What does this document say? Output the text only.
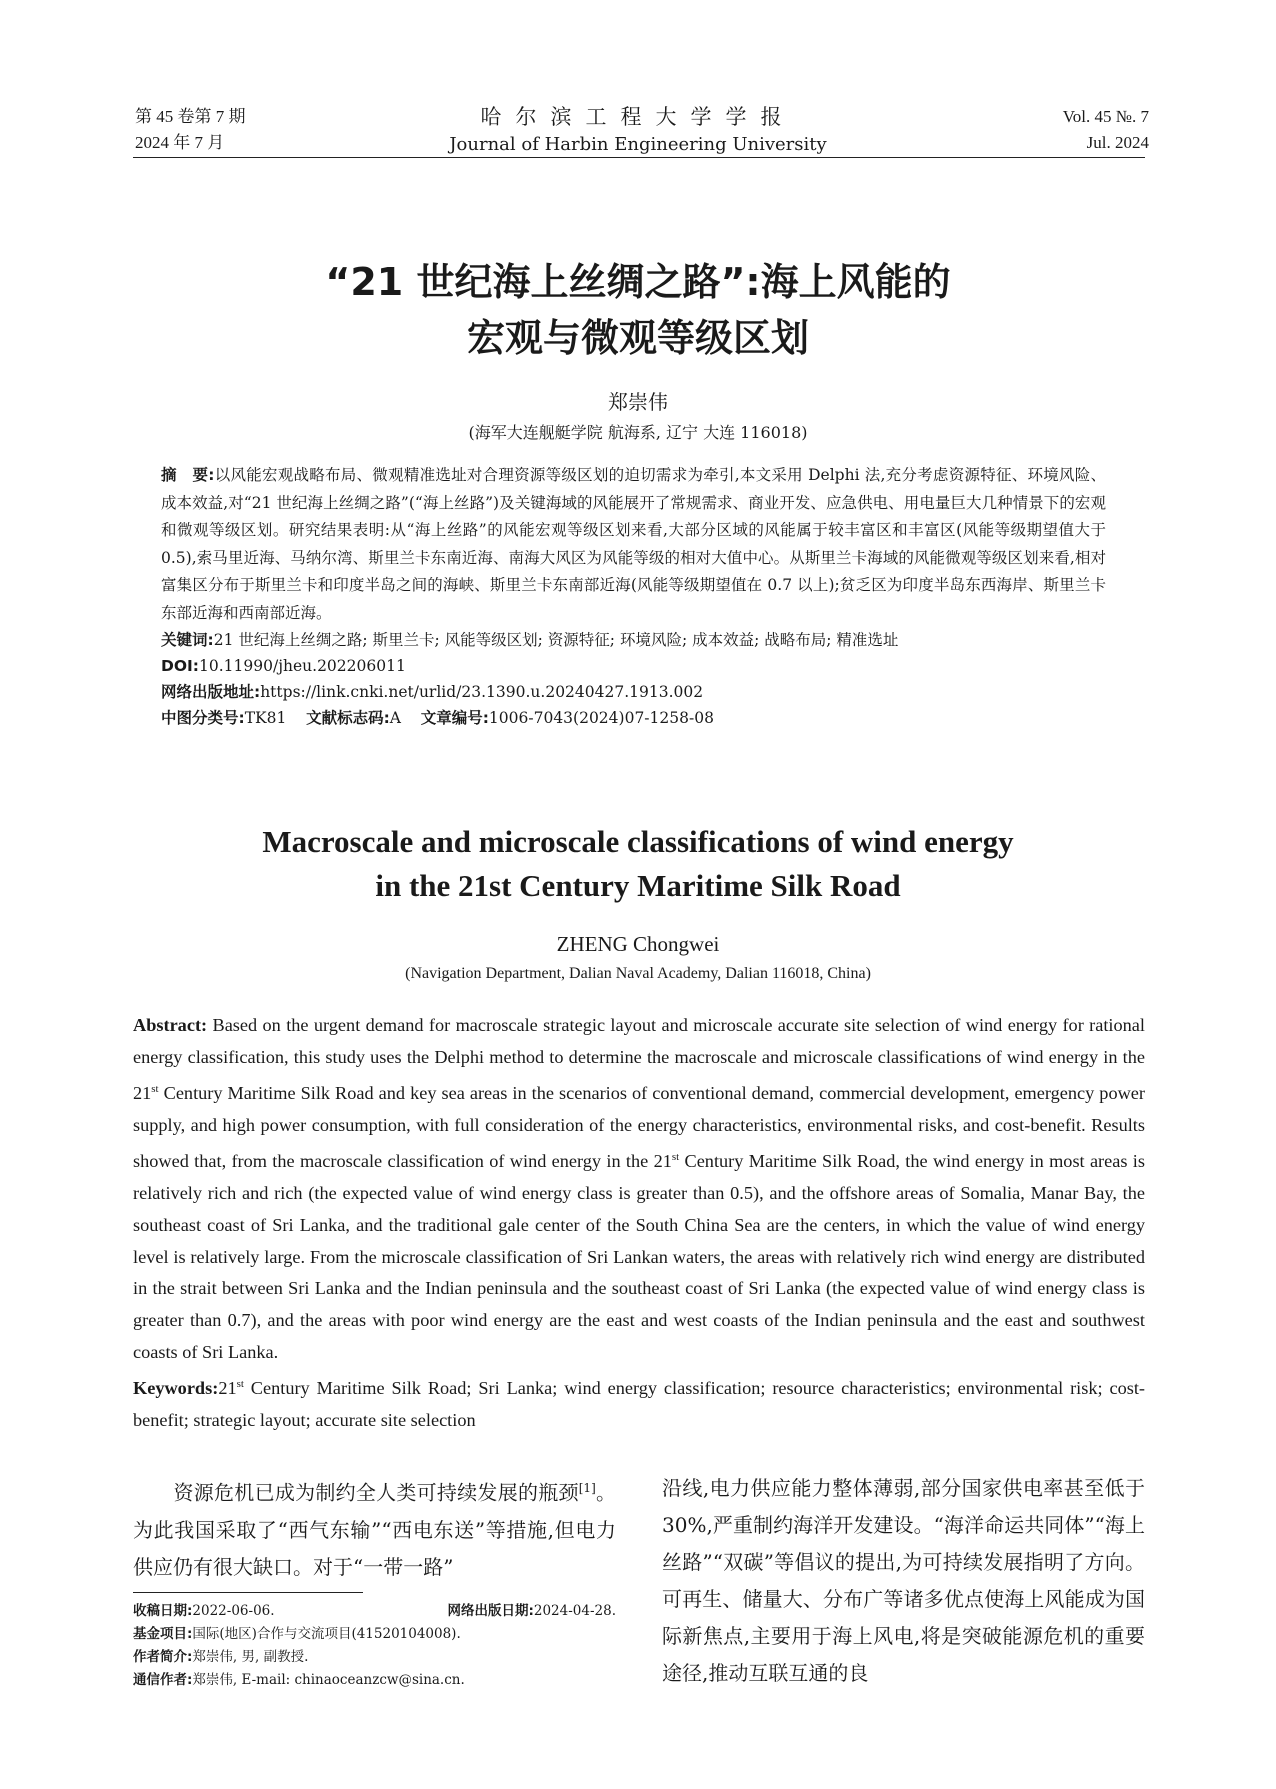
第 45 卷第 7 期
2024 年 7 月
哈尔滨工程大学学报
Journal of Harbin Engineering University
Vol. 45 №. 7
Jul. 2024
“21 世纪海上丝绸之路”:海上风能的
宏观与微观等级区划
郑崇伟
(海军大连舰艇学院 航海系, 辽宁 大连 116018)
摘　要:以风能宏观战略布局、微观精准选址对合理资源等级区划的迫切需求为牵引,本文采用 Delphi 法,充分考虑资源特征、环境风险、成本效益,对“21 世纪海上丝绸之路”(“海上丝路”)及关键海域的风能展开了常规需求、商业开发、应急供电、用电量巨大几种情景下的宏观和微观等级区划。研究结果表明:从“海上丝路”的风能宏观等级区划来看,大部分区域的风能属于较丰富区和丰富区(风能等级期望值大于 0.5),索马里近海、马纳尔湾、斯里兰卡东南近海、南海大风区为风能等级的相对大值中心。从斯里兰卡海域的风能微观等级区划来看,相对富集区分布于斯里兰卡和印度半岛之间的海峡、斯里兰卡东南部近海(风能等级期望值在 0.7 以上);贫乏区为印度半岛东西海岸、斯里兰卡东部近海和西南部近海。
关键词:21 世纪海上丝绸之路; 斯里兰卡; 风能等级区划; 资源特征; 环境风险; 成本效益; 战略布局; 精准选址
DOI:10.11990/jheu.202206011
网络出版地址:https://link.cnki.net/urlid/23.1390.u.20240427.1913.002
中图分类号:TK81 文献标志码:A 文章编号:1006-7043(2024)07-1258-08
Macroscale and microscale classifications of wind energy
in the 21st Century Maritime Silk Road
ZHENG Chongwei
(Navigation Department, Dalian Naval Academy, Dalian 116018, China)
Abstract: Based on the urgent demand for macroscale strategic layout and microscale accurate site selection of wind energy for rational energy classification, this study uses the Delphi method to determine the macroscale and microscale classifications of wind energy in the 21st Century Maritime Silk Road and key sea areas in the scenarios of conventional demand, commercial development, emergency power supply, and high power consumption, with full consideration of the energy characteristics, environmental risks, and cost-benefit. Results showed that, from the macroscale classification of wind energy in the 21st Century Maritime Silk Road, the wind energy in most areas is relatively rich and rich (the expected value of wind energy class is greater than 0.5), and the offshore areas of Somalia, Manar Bay, the southeast coast of Sri Lanka, and the traditional gale center of the South China Sea are the centers, in which the value of wind energy level is relatively large. From the microscale classification of Sri Lankan waters, the areas with relatively rich wind energy are distributed in the strait between Sri Lanka and the Indian peninsula and the southeast coast of Sri Lanka (the expected value of wind energy class is greater than 0.7), and the areas with poor wind energy are the east and west coasts of the Indian peninsula and the east and southwest coasts of Sri Lanka.
Keywords:21st Century Maritime Silk Road; Sri Lanka; wind energy classification; resource characteristics; environmental risk; cost-benefit; strategic layout; accurate site selection
　　资源危机已成为制约全人类可持续发展的瓶颈[1]。为此我国采取了“西气东输”“西电东送”等措施,但电力供应仍有很大缺口。对于“一带一路”
沿线,电力供应能力整体薄弱,部分国家供电率甚至低于 30%,严重制约海洋开发建设。“海洋命运共同体”“海上丝路”“双碳”等倡议的提出,为可持续发展指明了方向。可再生、储量大、分布广等诸多优点使海上风能成为国际新焦点,主要用于海上风电,将是突破能源危机的重要途径,推动互联互通的良
收稿日期:2022-06-06.	网络出版日期:2024-04-28.
基金项目:国际(地区)合作与交流项目(41520104008).
作者简介:郑崇伟, 男, 副教授.
通信作者:郑崇伟, E-mail: chinaoceanzcw@sina.cn.
